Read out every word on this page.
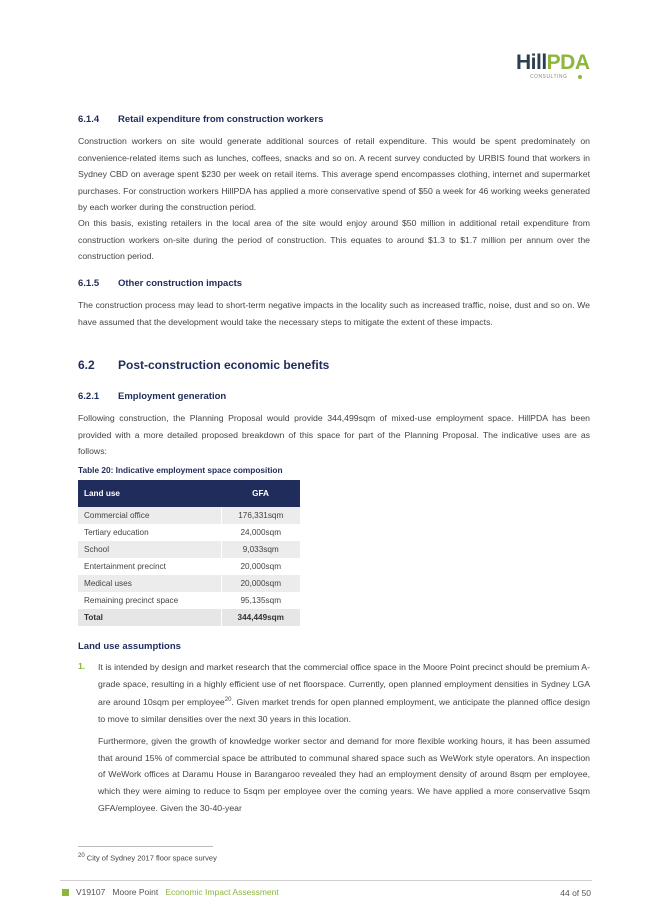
HillPDA
CONSULTING
6.1.4 Retail expenditure from construction workers

Construction workers on site would generate additional sources of retail expenditure. This would be spent predominately on convenience-related items such as lunches, coffees, snacks and so on. A recent survey conducted by URBIS found that workers in Sydney CBD on average spent $230 per week on retail items. This average spend encompasses clothing, internet and supermarket purchases. For construction workers HillPDA has applied a more conservative spend of $50 a week for 46 working weeks generated by each worker during the construction period.

On this basis, existing retailers in the local area of the site would enjoy around $50 million in additional retail expenditure from construction workers on-site during the period of construction. This equates to around $1.3 to $1.7 million per annum over the construction period.

6.1.5 Other construction impacts

The construction process may lead to short-term negative impacts in the locality such as increased traffic, noise, dust and so on. We have assumed that the development would take the necessary steps to mitigate the extent of these impacts.

6.2 Post-construction economic benefits
6.2.1 Employment generation

Following construction, the Planning Proposal would provide 344,499sqm of mixed-use employment space. HillPDA has been provided with a more detailed proposed breakdown of this space for part of the Planning Proposal. The indicative uses are as follows:

Table 20: Indicative employment space composition
Land use	GFA
Commercial office	176,331sqm
Tertiary education	24,000sqm
School	9,033sqm
Entertainment precinct	20,000sqm
Medical uses	20,000sqm
Remaining precinct space	95,135sqm
Total	344,449sqm
Land use assumptions
1. It is intended by design and market research that the commercial office space in the Moore Point precinct should be premium A-grade space, resulting in a highly efficient use of net floorspace. Currently, open planned employment densities in Sydney LGA are around 10sqm per employee$^{20}$. Given market trends for open planned employment, we anticipate the planned office design to move to similar densities over the next 30 years in this location.

Furthermore, given the growth of knowledge worker sector and demand for more flexible working hours, it has been assumed that around 15% of commercial space be attributed to communal shared space such as WeWork style operators. An inspection of WeWork offices at Daramu House in Barangaroo revealed they had an employment density of around 8sqm per employee, which they were aiming to reduce to 5sqm per employee over the coming years. We have applied a more conservative 5sqm GFA/employee. Given the 30-40-year

$^{20}$ City of Sydney 2017 floor space survey
V19107 Moore Point Economic Impact Assessment	44 of 50
